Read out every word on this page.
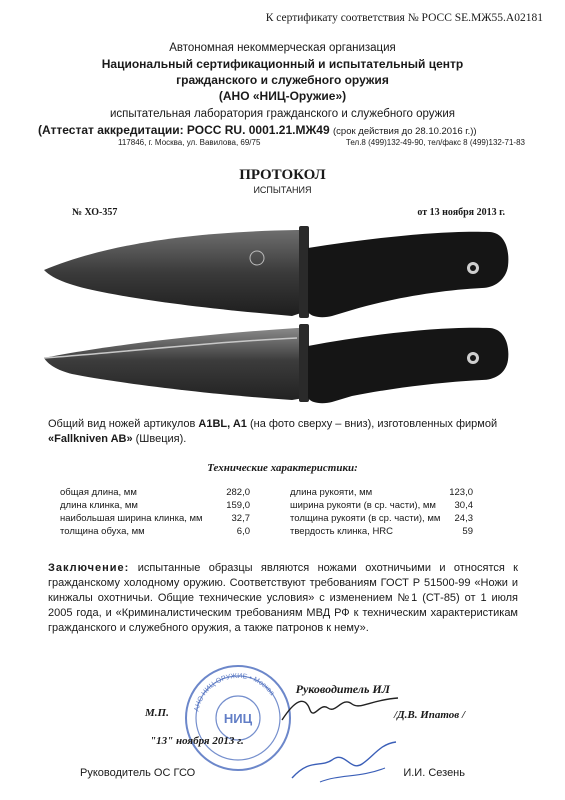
К сертификату соответствия № РОСС SE.МЖ55.А02181
Автономная некоммерческая организация
Национальный сертификационный и испытательный центр
гражданского и служебного оружия
(АНО «НИЦ-Оружие»)
испытательная лаборатория гражданского и служебного оружия
(Аттестат аккредитации: РОСС RU. 0001.21.МЖ49 (срок действия до 28.10.2016 г.))
117846, г. Москва, ул. Вавилова, 69/75	Тел.8 (499)132-49-90, тел/факс 8 (499)132-71-83
ПРОТОКОЛ
ИСПЫТАНИЯ
№ ХО-357	от 13 ноября 2013 г.
Общий вид ножей артикулов A1BL, A1 (на фото сверху – вниз), изготовленных фирмой
«Fallkniven AB» (Швеция).
Технические характеристики:
общая длина, мм	282,0
длина клинка, мм	159,0
наибольшая ширина клинка, мм	32,7
толщина обуха, мм	6,0
длина рукояти, мм	123,0
ширина рукояти (в ср. части), мм 30,4
толщина рукояти (в ср. части), мм 24,3
твердость клинка, HRC	59
Заключение: испытанные образцы являются ножами охотничьими и относятся к гражданскому холодному оружию. Соответствуют требованиям ГОСТ Р 51500-99 «Ножи и кинжалы охотничьи. Общие технические условия» с изменением №1 (СТ-85) от 1 июля 2005 года, и «Криминалистическим требованиям МВД РФ к техническим характеристикам гражданского и служебного оружия, а также патронов к нему».
НИЦ
АНО НИЦ-ОРУЖИЕ • Москва Руководитель ИЛ
М.П.	/Д.В. Ипатов /
"13" ноября 2013 г.
Руководитель ОС ГСО	И.И. Сезень
